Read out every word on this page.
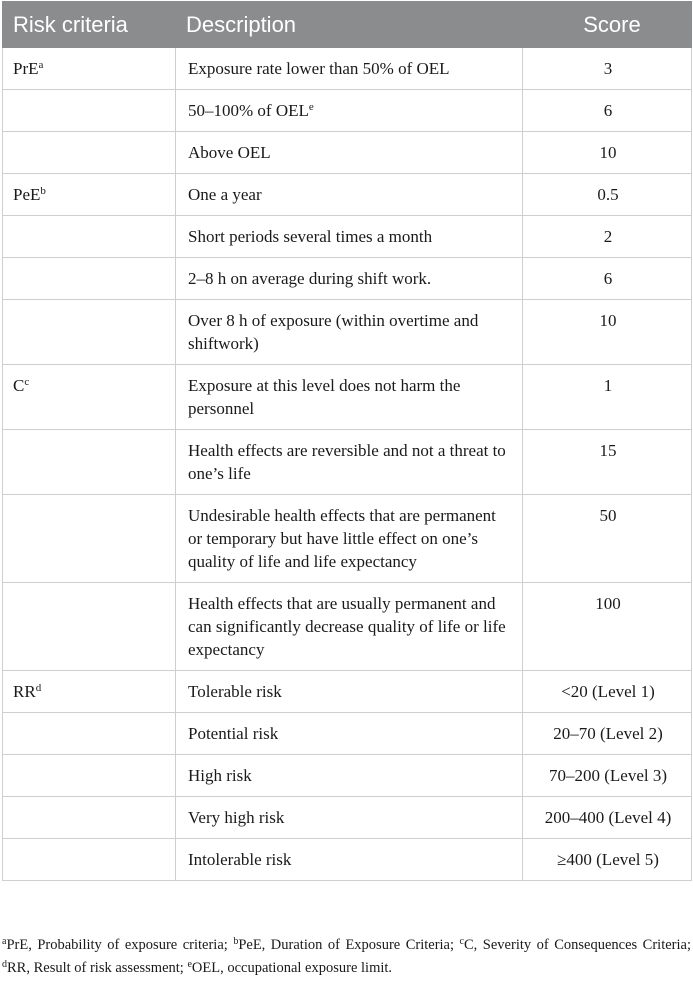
Risk criteria	Description	Score
PrE$^a$	Exposure rate lower than 50% of OEL	3
	50–100% of OEL$^e$	6
	Above OEL	10
PeE$^b$	One a year	0.5
	Short periods several times a month	2
	2–8 h on average during shift work.	6
	Over 8 h of exposure (within overtime and shiftwork)	10
$C^c$	Exposure at this level does not harm the personnel	1
	Health effects are reversible and not a threat to one’s life	15
	Undesirable health effects that are permanent or temporary but have little effect on one’s quality of life and life expectancy	50
	Health effects that are usually permanent and can significantly decrease quality of life or life expectancy	100
$RR^d$	Tolerable risk	<20 (Level 1)
	Potential risk	20–70 (Level 2)
	High risk	70–200 (Level 3)
	Very high risk	200–400 (Level 4)
	Intolerable risk	≥400 (Level 5)
$^a$PrE, Probability of exposure criteria; $^b$PeE, Duration of Exposure Criteria; $^c$C, Severity of Consequences Criteria; $^d$RR, Result of risk assessment; $^e$OEL, occupational exposure limit.
